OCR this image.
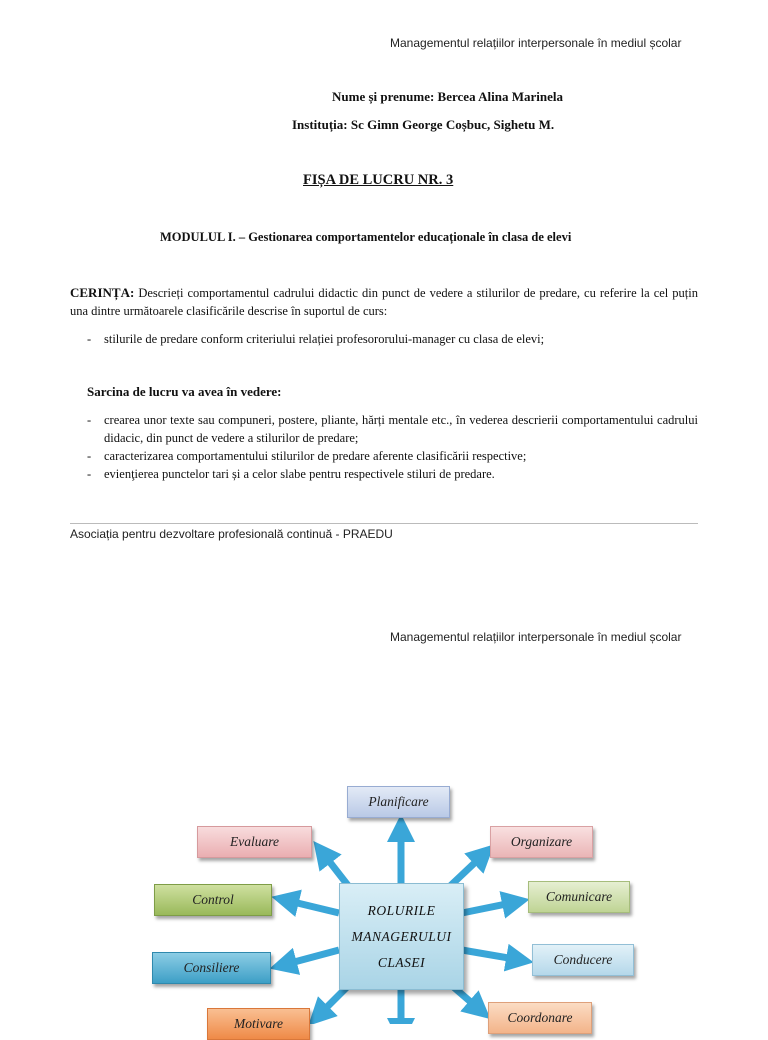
Managementul relațiilor interpersonale în mediul școlar
Nume și prenume: Bercea Alina Marinela
Instituția: Sc Gimn George Coșbuc, Sighetu M.
FIȘA DE LUCRU NR. 3
MODULUL I. – Gestionarea comportamentelor educaționale în clasa de elevi
CERINȚA: Descrieți comportamentul cadrului didactic din punct de vedere a stilurilor de predare, cu referire la cel puțin una dintre următoarele clasificările descrise în suportul de curs:
- stilurile de predare conform criteriului relației profesororului-manager cu clasa de elevi;
Sarcina de lucru va avea în vedere:
- crearea unor texte sau compuneri, postere, pliante, hărți mentale etc., în vederea descrierii comportamentului cadrului didacic, din punct de vedere a stilurilor de predare;
- caracterizarea comportamentului stilurilor de predare aferente clasificării respective;
- evienţierea punctelor tari și a celor slabe pentru respectivele stiluri de predare.
Asociația pentru dezvoltare profesională continuă - PRAEDU
Managementul relațiilor interpersonale în mediul școlar
Planificare
Evaluare	Organizare
Control	Comunicare
Consiliere
Conducere
Motivare	Coordonare
ROLURILE
MANAGERULUI
CLASEI
